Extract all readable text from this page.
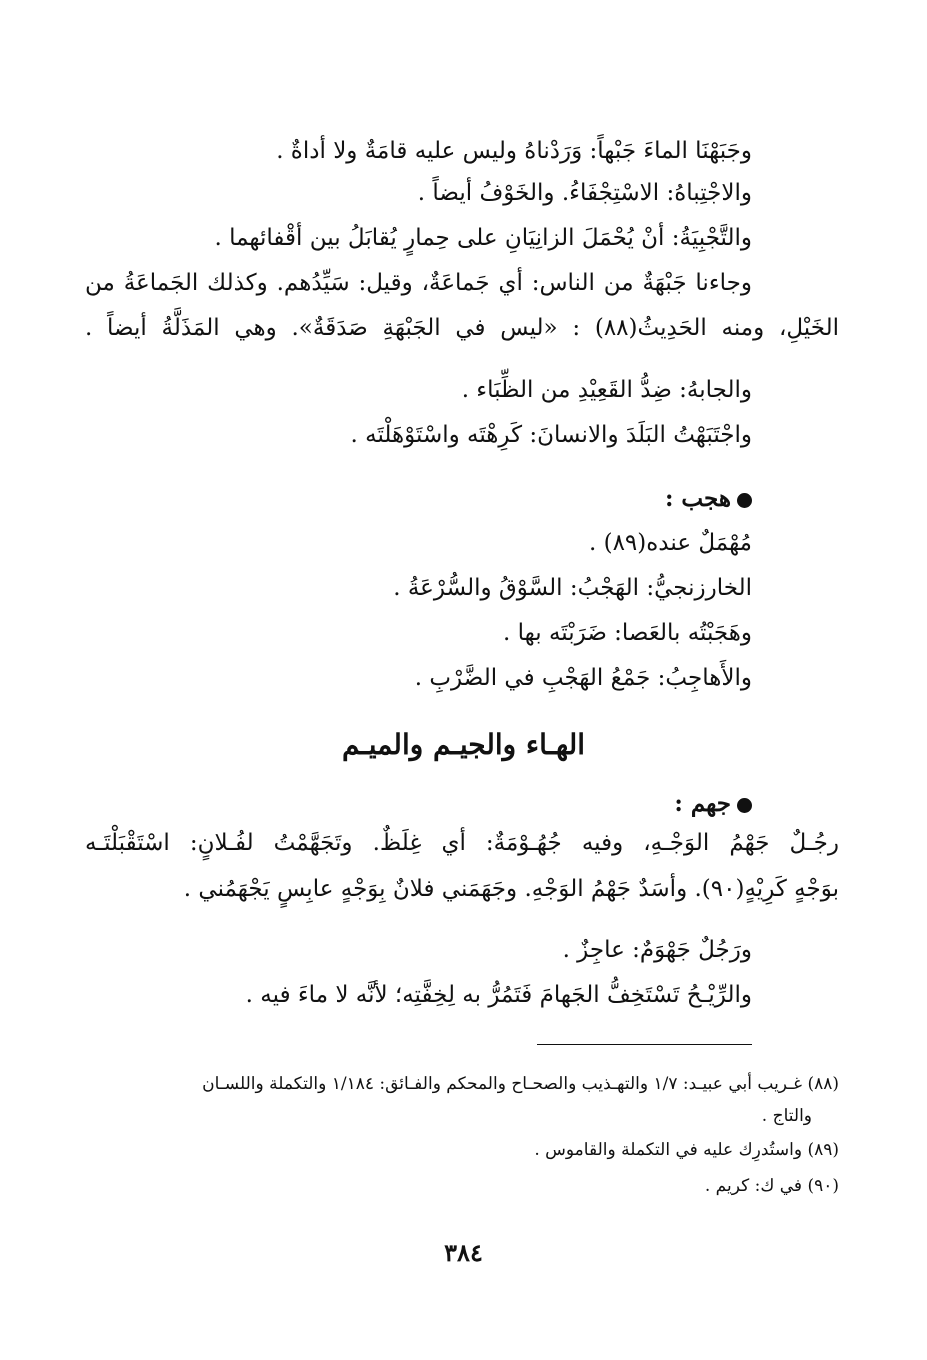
وجَبَهْنَا الماءَ جَبْهاً: وَرَدْناهُ وليس عليه قامَةٌ ولا أداةٌ .
والاجْتِباهُ: الاسْتِجْفَاءُ. والخَوْفُ أيضاً .
والتَّجْبِيَةُ: أنْ يُحْمَلَ الزانِيَانِ على حِمارٍ يُقابَلُ بين أقْفائهما .
وجاءنا جَبْهَةٌ من الناس: أي جَماعَةٌ، وقيل: سَيِّدُهم. وكذلك الجَماعَةُ من
الخَيْلِ، ومنه الحَدِيثُ(٨٨) : «ليس في الجَبْهَةِ صَدَقَةٌ». وهي المَذَلَّةُ أيضاً .
والجابهُ: ضِدُّ القَعِيْدِ من الظِّبَاء .
واجْتَبَهْتُ البَلَدَ والانسانَ: كَرِهْتَه واسْتَوْهَلْتَه .
هجب :
مُهْمَلٌ عنده(٨٩) .
الخارزنجيُّ: الهَجْبُ: السَّوْقُ والسُّرْعَةُ .
وهَجَبْتُه بالعَصا: ضَرَبْتَه بها .
والأَهاجِبُ: جَمْعُ الهَجْبِ في الضَّرْبِ .
الهـاء والجيـم والميـم
جهم :
رجُـلٌ جَهْمُ الوَجْـهِ، وفيه جُهُـوْمَةٌ: أي غِلَظٌ. وتَجَهَّمْتُ لفُـلانٍ: اسْتَقْبَلْتَـه
بوَجْهٍ كَرِيْهٍ(٩٠). وأسَدٌ جَهْمُ الوَجْهِ. وجَهَمَني فلانٌ بِوَجْهٍ عابِسٍ يَجْهَمُني .
ورَجُلٌ جَهْوَمٌ: عاجِزٌ .
والرِّيْـحُ تَسْتَخِفُّ الجَهامَ فَتَمُرُّ به لِخِفَّتِه؛ لأنَّه لا ماءَ فيه .
(٨٨) غـريب أبي عبيـد: ١/٧ والتهـذيب والصحـاح والمحكم والفـائق: ١/١٨٤ والتكملة واللسـان
والتاج .
(٨٩) واستُدرِك عليه في التكملة والقاموس .
(٩٠) في ك: كريم .
٣٨٤
